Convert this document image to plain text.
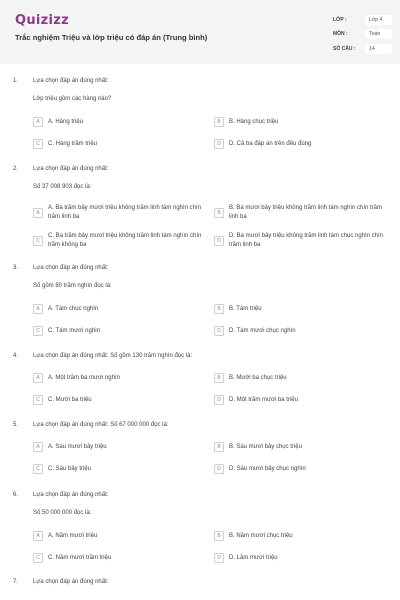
Quizizz
Trắc nghiệm Triệu và lớp triệu có đáp án (Trung bình)
LỚP :	Lớp 4
MÔN :	Toán
SỐ CÂU :	14
1. Lựa chọn đáp án đúng nhất:
Lớp triệu gồm các hàng nào?
A	A. Hàng triệu	B	B. Hàng chục triệu
C	C. Hàng trăm triệu	D	D. Cả ba đáp án trên đều đúng
2. Lựa chọn đáp án đúng nhất:
Số 37 008 903 đọc là:
A
A. Ba trăm bảy mươi triệu không trăm linh tám nghìn chín trăm linh ba
B
B. Ba mươi bảy triệu không trăm linh tám nghìn chín trăm linh ba
C
C. Ba trăm bảy mươi triệu không trăm linh tám nghìn chín trăm không ba
D
D. Ba mươi bảy triệu không trăm linh tám chục nghìn chín trăm linh ba
3. Lựa chọn đáp án đúng nhất:
Số gồm 80 trăm nghìn đọc là:
A	A. Tám chục nghìn	B	B. Tám triệu
C	C. Tám mươi nghìn	D	D. Tám mươi chục nghìn
4. Lựa chọn đáp án đúng nhất: Số gồm 130 trăm nghìn đọc là:
A	A. Một trăm ba mươi nghìn	B	B. Mười ba chục triệu
C	C. Mười ba triệu	D	D. Một trăm mươi ba triệu
5. Lựa chọn đáp án đúng nhất: Số 67 000 000 đọc là:
A	A. Sáu mươi bảy triệu	B	B. Sáu mươi bảy chục triệu
C	C. Sáu bảy triệu	D	D. Sáu mươi bảy chục nghìn
6. Lựa chọn đáp án đúng nhất:
Số 50 000 000 đọc là:
A	A. Năm mươi triệu	B	B. Năm mươi chục triệu
C	C. Năm mươi trăm triệu	D	D. Lăm mươi triệu
7. Lựa chọn đáp án đúng nhất:
